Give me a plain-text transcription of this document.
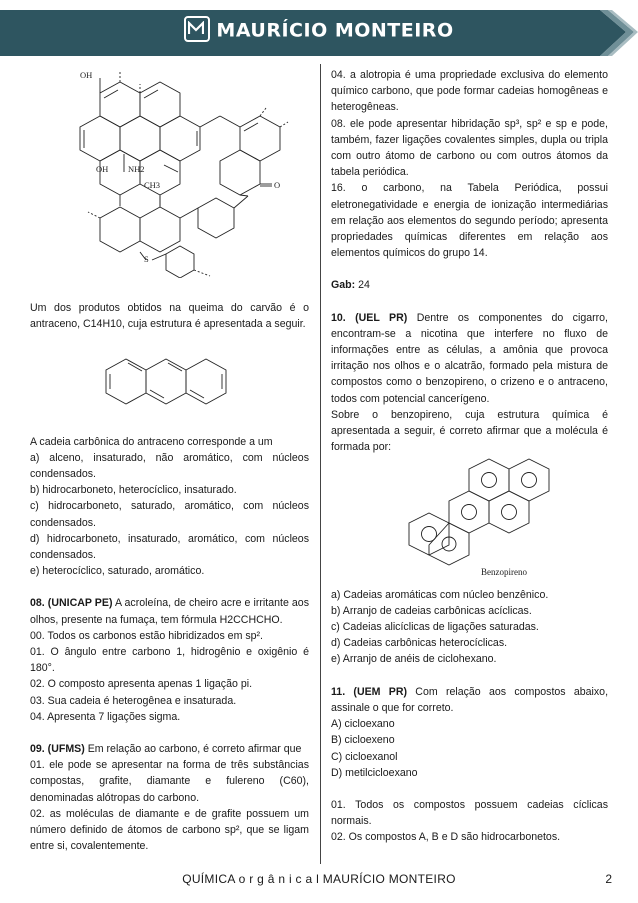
MAURÍCIO MONTEIRO
OH
OH NH2
CH3	O
S

Um dos produtos obtidos na queima do carvão é o antraceno, C14H10, cuja estrutura é apresentada a seguir.

A cadeia carbônica do antraceno corresponde a um

a) alceno, insaturado, não aromático, com núcleos condensados.

b) hidrocarboneto, heterocíclico, insaturado.

c) hidrocarboneto, saturado, aromático, com núcleos condensados.

d) hidrocarboneto, insaturado, aromático, com núcleos condensados.

e) heterocíclico, saturado, aromático.

08. (UNICAP PE) A acroleína, de cheiro acre e irritante aos olhos, presente na fumaça, tem fórmula H2CCHCHO.

00. Todos os carbonos estão hibridizados em sp².

01. O ângulo entre carbono 1, hidrogênio e oxigênio é 180°.

02. O composto apresenta apenas 1 ligação pi.

03. Sua cadeia é heterogênea e insaturada.

04. Apresenta 7 ligações sigma.

09. (UFMS) Em relação ao carbono, é correto afirmar que

01. ele pode se apresentar na forma de três substâncias compostas, grafite, diamante e fulereno (C60), denominadas alótropas do carbono.

02. as moléculas de diamante e de grafite possuem um número definido de átomos de carbono sp², que se ligam entre si, covalentemente.

04. a alotropia é uma propriedade exclusiva do elemento químico carbono, que pode formar cadeias homogêneas e heterogêneas.

08. ele pode apresentar hibridação sp³, sp² e sp e pode, também, fazer ligações covalentes simples, dupla ou tripla com outro átomo de carbono ou com outros átomos da tabela periódica.

16. o carbono, na Tabela Periódica, possui eletronegatividade e energia de ionização intermediárias em relação aos elementos do segundo período; apresenta propriedades químicas diferentes em relação aos elementos químicos do grupo 14.

Gab: 24

10. (UEL PR) Dentre os componentes do cigarro, encontram-se a nicotina que interfere no fluxo de informações entre as células, a amônia que provoca irritação nos olhos e o alcatrão, formado pela mistura de compostos como o benzopireno, o crizeno e o antraceno, todos com potencial cancerígeno.

Sobre o benzopireno, cuja estrutura química é apresentada a seguir, é correto afirmar que a molécula é formada por:

Benzopireno

a) Cadeias aromáticas com núcleo benzênico.

b) Arranjo de cadeias carbônicas acíclicas.

c) Cadeias alicíclicas de ligações saturadas.

d) Cadeias carbônicas heterocíclicas.

e) Arranjo de anéis de ciclohexano.

11. (UEM PR) Com relação aos compostos abaixo, assinale o que for correto.

A) cicloexano

B) cicloexeno

C) cicloexanol

D) metilcicloexano

01. Todos os compostos possuem cadeias cíclicas normais.

02. Os compostos A, B e D são hidrocarbonetos.

QUÍMICA o r g â n i c a l MAURÍCIO MONTEIRO	2
